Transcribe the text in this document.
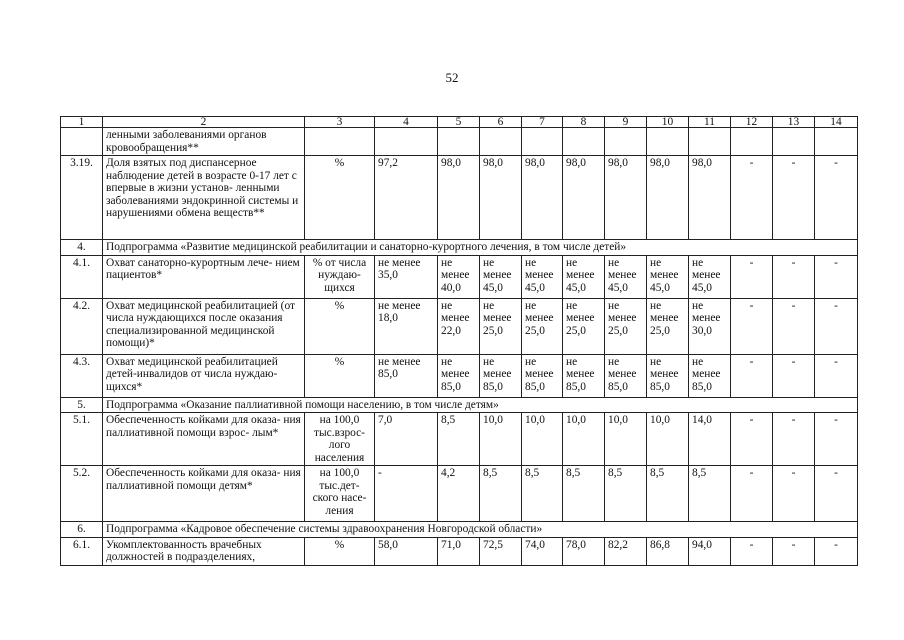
52
1	2	3	4	5	6	7	8	9	10	11	12	13	14
	ленными заболеваниями органов кровообращения**												
3.19.	Доля взятых под диспансерное наблюдение детей в возрасте 0-17 лет с впервые в жизни установ- ленными заболеваниями эндокринной системы и нарушениями обмена веществ**	%	97,2	98,0	98,0	98,0	98,0	98,0	98,0	98,0	-	-	-
4.	Подпрограмма «Развитие медицинской реабилитации и санаторно-курортного лечения, в том числе детей»												
4.1.	Охват санаторно-курортным лече- нием пациентов*	% от числа нуждаю- щихся	не менее 35,0	не менее 40,0	не менее 45,0	не менее 45,0	не менее 45,0	не менее 45,0	не менее 45,0	не менее 45,0	-	-	-
4.2.	Охват медицинской реабилитацией (от числа нуждающихся после оказания специализированной медицинской помощи)*	%	не менее 18,0	не менее 22,0	не менее 25,0	не менее 25,0	не менее 25,0	не менее 25,0	не менее 25,0	не менее 30,0	-	-	-
4.3.	Охват медицинской реабилитацией детей-инвалидов от числа нуждаю- щихся*	%	не менее 85,0	не менее 85,0	не менее 85,0	не менее 85,0	не менее 85,0	не менее 85,0	не менее 85,0	не менее 85,0	-	-	-
5.	Подпрограмма «Оказание паллиативной помощи населению, в том числе детям»												
5.1.	Обеспеченность койками для оказа- ния паллиативной помощи взрос- лым*	на 100,0 тыс.взрос- лого населения	7,0	8,5	10,0	10,0	10,0	10,0	10,0	14,0	-	-	-
5.2.	Обеспеченность койками для оказа- ния паллиативной помощи детям*	на 100,0 тыс.дет- ского насе- ления	-	4,2	8,5	8,5	8,5	8,5	8,5	8,5	-	-	-
6.	Подпрограмма «Кадровое обеспечение системы здравоохранения Новгородской области»												
6.1.	Укомплектованность врачебных должностей в подразделениях,	%	58,0	71,0	72,5	74,0	78,0	82,2	86,8	94,0	-	-	-
